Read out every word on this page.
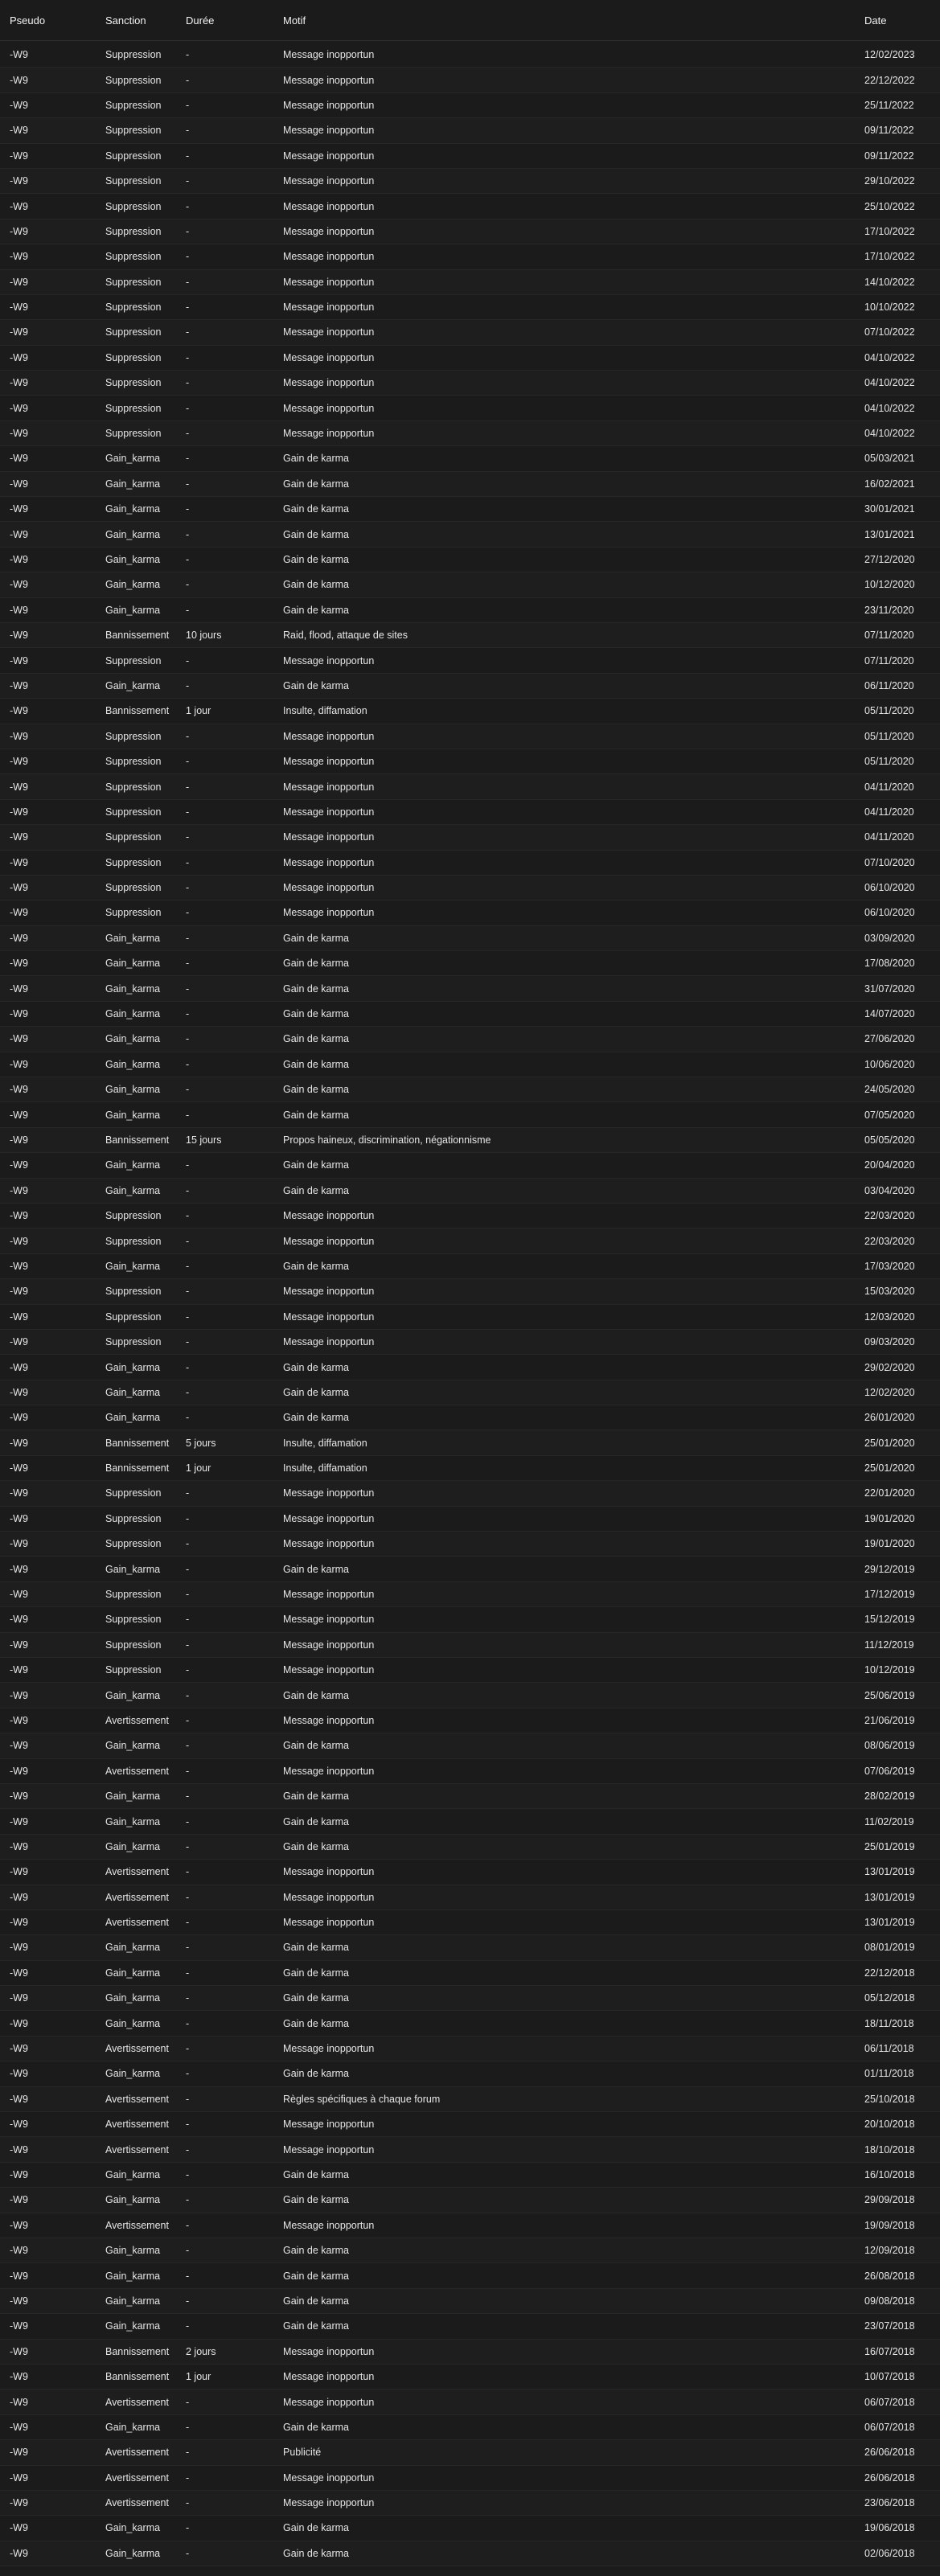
Pseudo	Sanction	Durée	Motif	Date
-W9	Suppression	-	Message inopportun	12/02/2023
-W9	Suppression	-	Message inopportun	22/12/2022
-W9	Suppression	-	Message inopportun	25/11/2022
-W9	Suppression	-	Message inopportun	09/11/2022
-W9	Suppression	-	Message inopportun	09/11/2022
-W9	Suppression	-	Message inopportun	29/10/2022
-W9	Suppression	-	Message inopportun	25/10/2022
-W9	Suppression	-	Message inopportun	17/10/2022
-W9	Suppression	-	Message inopportun	17/10/2022
-W9	Suppression	-	Message inopportun	14/10/2022
-W9	Suppression	-	Message inopportun	10/10/2022
-W9	Suppression	-	Message inopportun	07/10/2022
-W9	Suppression	-	Message inopportun	04/10/2022
-W9	Suppression	-	Message inopportun	04/10/2022
-W9	Suppression	-	Message inopportun	04/10/2022
-W9	Suppression	-	Message inopportun	04/10/2022
-W9	Gain_karma	-	Gain de karma	05/03/2021
-W9	Gain_karma	-	Gain de karma	16/02/2021
-W9	Gain_karma	-	Gain de karma	30/01/2021
-W9	Gain_karma	-	Gain de karma	13/01/2021
-W9	Gain_karma	-	Gain de karma	27/12/2020
-W9	Gain_karma	-	Gain de karma	10/12/2020
-W9	Gain_karma	-	Gain de karma	23/11/2020
-W9	Bannissement	10 jours	Raid, flood, attaque de sites	07/11/2020
-W9	Suppression	-	Message inopportun	07/11/2020
-W9	Gain_karma	-	Gain de karma	06/11/2020
-W9	Bannissement	1 jour	Insulte, diffamation	05/11/2020
-W9	Suppression	-	Message inopportun	05/11/2020
-W9	Suppression	-	Message inopportun	05/11/2020
-W9	Suppression	-	Message inopportun	04/11/2020
-W9	Suppression	-	Message inopportun	04/11/2020
-W9	Suppression	-	Message inopportun	04/11/2020
-W9	Suppression	-	Message inopportun	07/10/2020
-W9	Suppression	-	Message inopportun	06/10/2020
-W9	Suppression	-	Message inopportun	06/10/2020
-W9	Gain_karma	-	Gain de karma	03/09/2020
-W9	Gain_karma	-	Gain de karma	17/08/2020
-W9	Gain_karma	-	Gain de karma	31/07/2020
-W9	Gain_karma	-	Gain de karma	14/07/2020
-W9	Gain_karma	-	Gain de karma	27/06/2020
-W9	Gain_karma	-	Gain de karma	10/06/2020
-W9	Gain_karma	-	Gain de karma	24/05/2020
-W9	Gain_karma	-	Gain de karma	07/05/2020
-W9	Bannissement	15 jours	Propos haineux, discrimination, négationnisme	05/05/2020
-W9	Gain_karma	-	Gain de karma	20/04/2020
-W9	Gain_karma	-	Gain de karma	03/04/2020
-W9	Suppression	-	Message inopportun	22/03/2020
-W9	Suppression	-	Message inopportun	22/03/2020
-W9	Gain_karma	-	Gain de karma	17/03/2020
-W9	Suppression	-	Message inopportun	15/03/2020
-W9	Suppression	-	Message inopportun	12/03/2020
-W9	Suppression	-	Message inopportun	09/03/2020
-W9	Gain_karma	-	Gain de karma	29/02/2020
-W9	Gain_karma	-	Gain de karma	12/02/2020
-W9	Gain_karma	-	Gain de karma	26/01/2020
-W9	Bannissement	5 jours	Insulte, diffamation	25/01/2020
-W9	Bannissement	1 jour	Insulte, diffamation	25/01/2020
-W9	Suppression	-	Message inopportun	22/01/2020
-W9	Suppression	-	Message inopportun	19/01/2020
-W9	Suppression	-	Message inopportun	19/01/2020
-W9	Gain_karma	-	Gain de karma	29/12/2019
-W9	Suppression	-	Message inopportun	17/12/2019
-W9	Suppression	-	Message inopportun	15/12/2019
-W9	Suppression	-	Message inopportun	11/12/2019
-W9	Suppression	-	Message inopportun	10/12/2019
-W9	Gain_karma	-	Gain de karma	25/06/2019
-W9	Avertissement	-	Message inopportun	21/06/2019
-W9	Gain_karma	-	Gain de karma	08/06/2019
-W9	Avertissement	-	Message inopportun	07/06/2019
-W9	Gain_karma	-	Gain de karma	28/02/2019
-W9	Gain_karma	-	Gain de karma	11/02/2019
-W9	Gain_karma	-	Gain de karma	25/01/2019
-W9	Avertissement	-	Message inopportun	13/01/2019
-W9	Avertissement	-	Message inopportun	13/01/2019
-W9	Avertissement	-	Message inopportun	13/01/2019
-W9	Gain_karma	-	Gain de karma	08/01/2019
-W9	Gain_karma	-	Gain de karma	22/12/2018
-W9	Gain_karma	-	Gain de karma	05/12/2018
-W9	Gain_karma	-	Gain de karma	18/11/2018
-W9	Avertissement	-	Message inopportun	06/11/2018
-W9	Gain_karma	-	Gain de karma	01/11/2018
-W9	Avertissement	-	Règles spécifiques à chaque forum	25/10/2018
-W9	Avertissement	-	Message inopportun	20/10/2018
-W9	Avertissement	-	Message inopportun	18/10/2018
-W9	Gain_karma	-	Gain de karma	16/10/2018
-W9	Gain_karma	-	Gain de karma	29/09/2018
-W9	Avertissement	-	Message inopportun	19/09/2018
-W9	Gain_karma	-	Gain de karma	12/09/2018
-W9	Gain_karma	-	Gain de karma	26/08/2018
-W9	Gain_karma	-	Gain de karma	09/08/2018
-W9	Gain_karma	-	Gain de karma	23/07/2018
-W9	Bannissement	2 jours	Message inopportun	16/07/2018
-W9	Bannissement	1 jour	Message inopportun	10/07/2018
-W9	Avertissement	-	Message inopportun	06/07/2018
-W9	Gain_karma	-	Gain de karma	06/07/2018
-W9	Avertissement	-	Publicité	26/06/2018
-W9	Avertissement	-	Message inopportun	26/06/2018
-W9	Avertissement	-	Message inopportun	23/06/2018
-W9	Gain_karma	-	Gain de karma	19/06/2018
-W9	Gain_karma	-	Gain de karma	02/06/2018
